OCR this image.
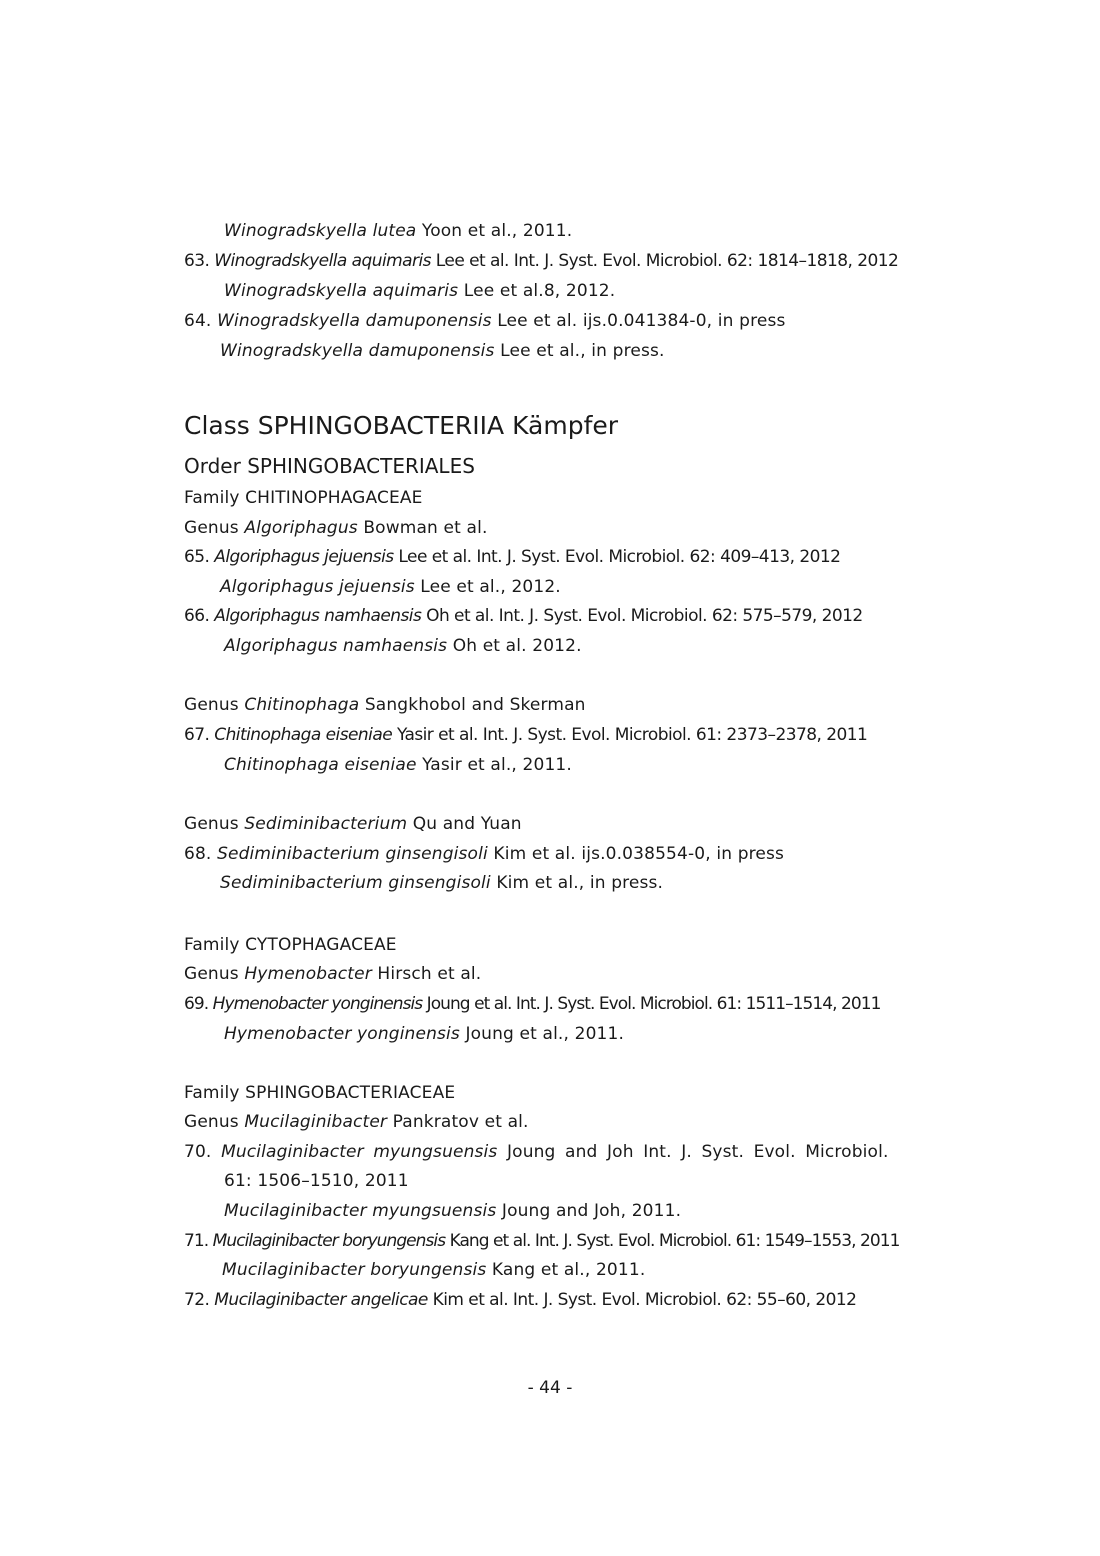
Winogradskyella lutea Yoon et al., 2011.
63. Winogradskyella aquimaris Lee et al. Int. J. Syst. Evol. Microbiol. 62: 1814–1818, 2012
Winogradskyella aquimaris Lee et al.8, 2012.
64. Winogradskyella damuponensis Lee et al. ijs.0.041384-0, in press
Winogradskyella damuponensis Lee et al., in press.
Class SPHINGOBACTERIIA Kämpfer
Order SPHINGOBACTERIALES
Family CHITINOPHAGACEAE
Genus Algoriphagus Bowman et al.
65. Algoriphagus jejuensis Lee et al. Int. J. Syst. Evol. Microbiol. 62: 409–413, 2012
Algoriphagus jejuensis Lee et al., 2012.
66. Algoriphagus namhaensis Oh et al. Int. J. Syst. Evol. Microbiol. 62: 575–579, 2012
Algoriphagus namhaensis Oh et al. 2012.
Genus Chitinophaga Sangkhobol and Skerman
67. Chitinophaga eiseniae Yasir et al. Int. J. Syst. Evol. Microbiol. 61: 2373–2378, 2011
Chitinophaga eiseniae Yasir et al., 2011.
Genus Sediminibacterium Qu and Yuan
68. Sediminibacterium ginsengisoli Kim et al. ijs.0.038554-0, in press
Sediminibacterium ginsengisoli Kim et al., in press.
Family CYTOPHAGACEAE
Genus Hymenobacter Hirsch et al.
69. Hymenobacter yonginensis Joung et al. Int. J. Syst. Evol. Microbiol. 61: 1511–1514, 2011
Hymenobacter yonginensis Joung et al., 2011.
Family SPHINGOBACTERIACEAE
Genus Mucilaginibacter Pankratov et al.
70. Mucilaginibacter myungsuensis Joung and Joh Int. J. Syst. Evol. Microbiol.
61: 1506–1510, 2011
Mucilaginibacter myungsuensis Joung and Joh, 2011.
71. Mucilaginibacter boryungensis Kang et al. Int. J. Syst. Evol. Microbiol. 61: 1549–1553, 2011
Mucilaginibacter boryungensis Kang et al., 2011.
72. Mucilaginibacter angelicae Kim et al. Int. J. Syst. Evol. Microbiol. 62: 55–60, 2012
- 44 -
